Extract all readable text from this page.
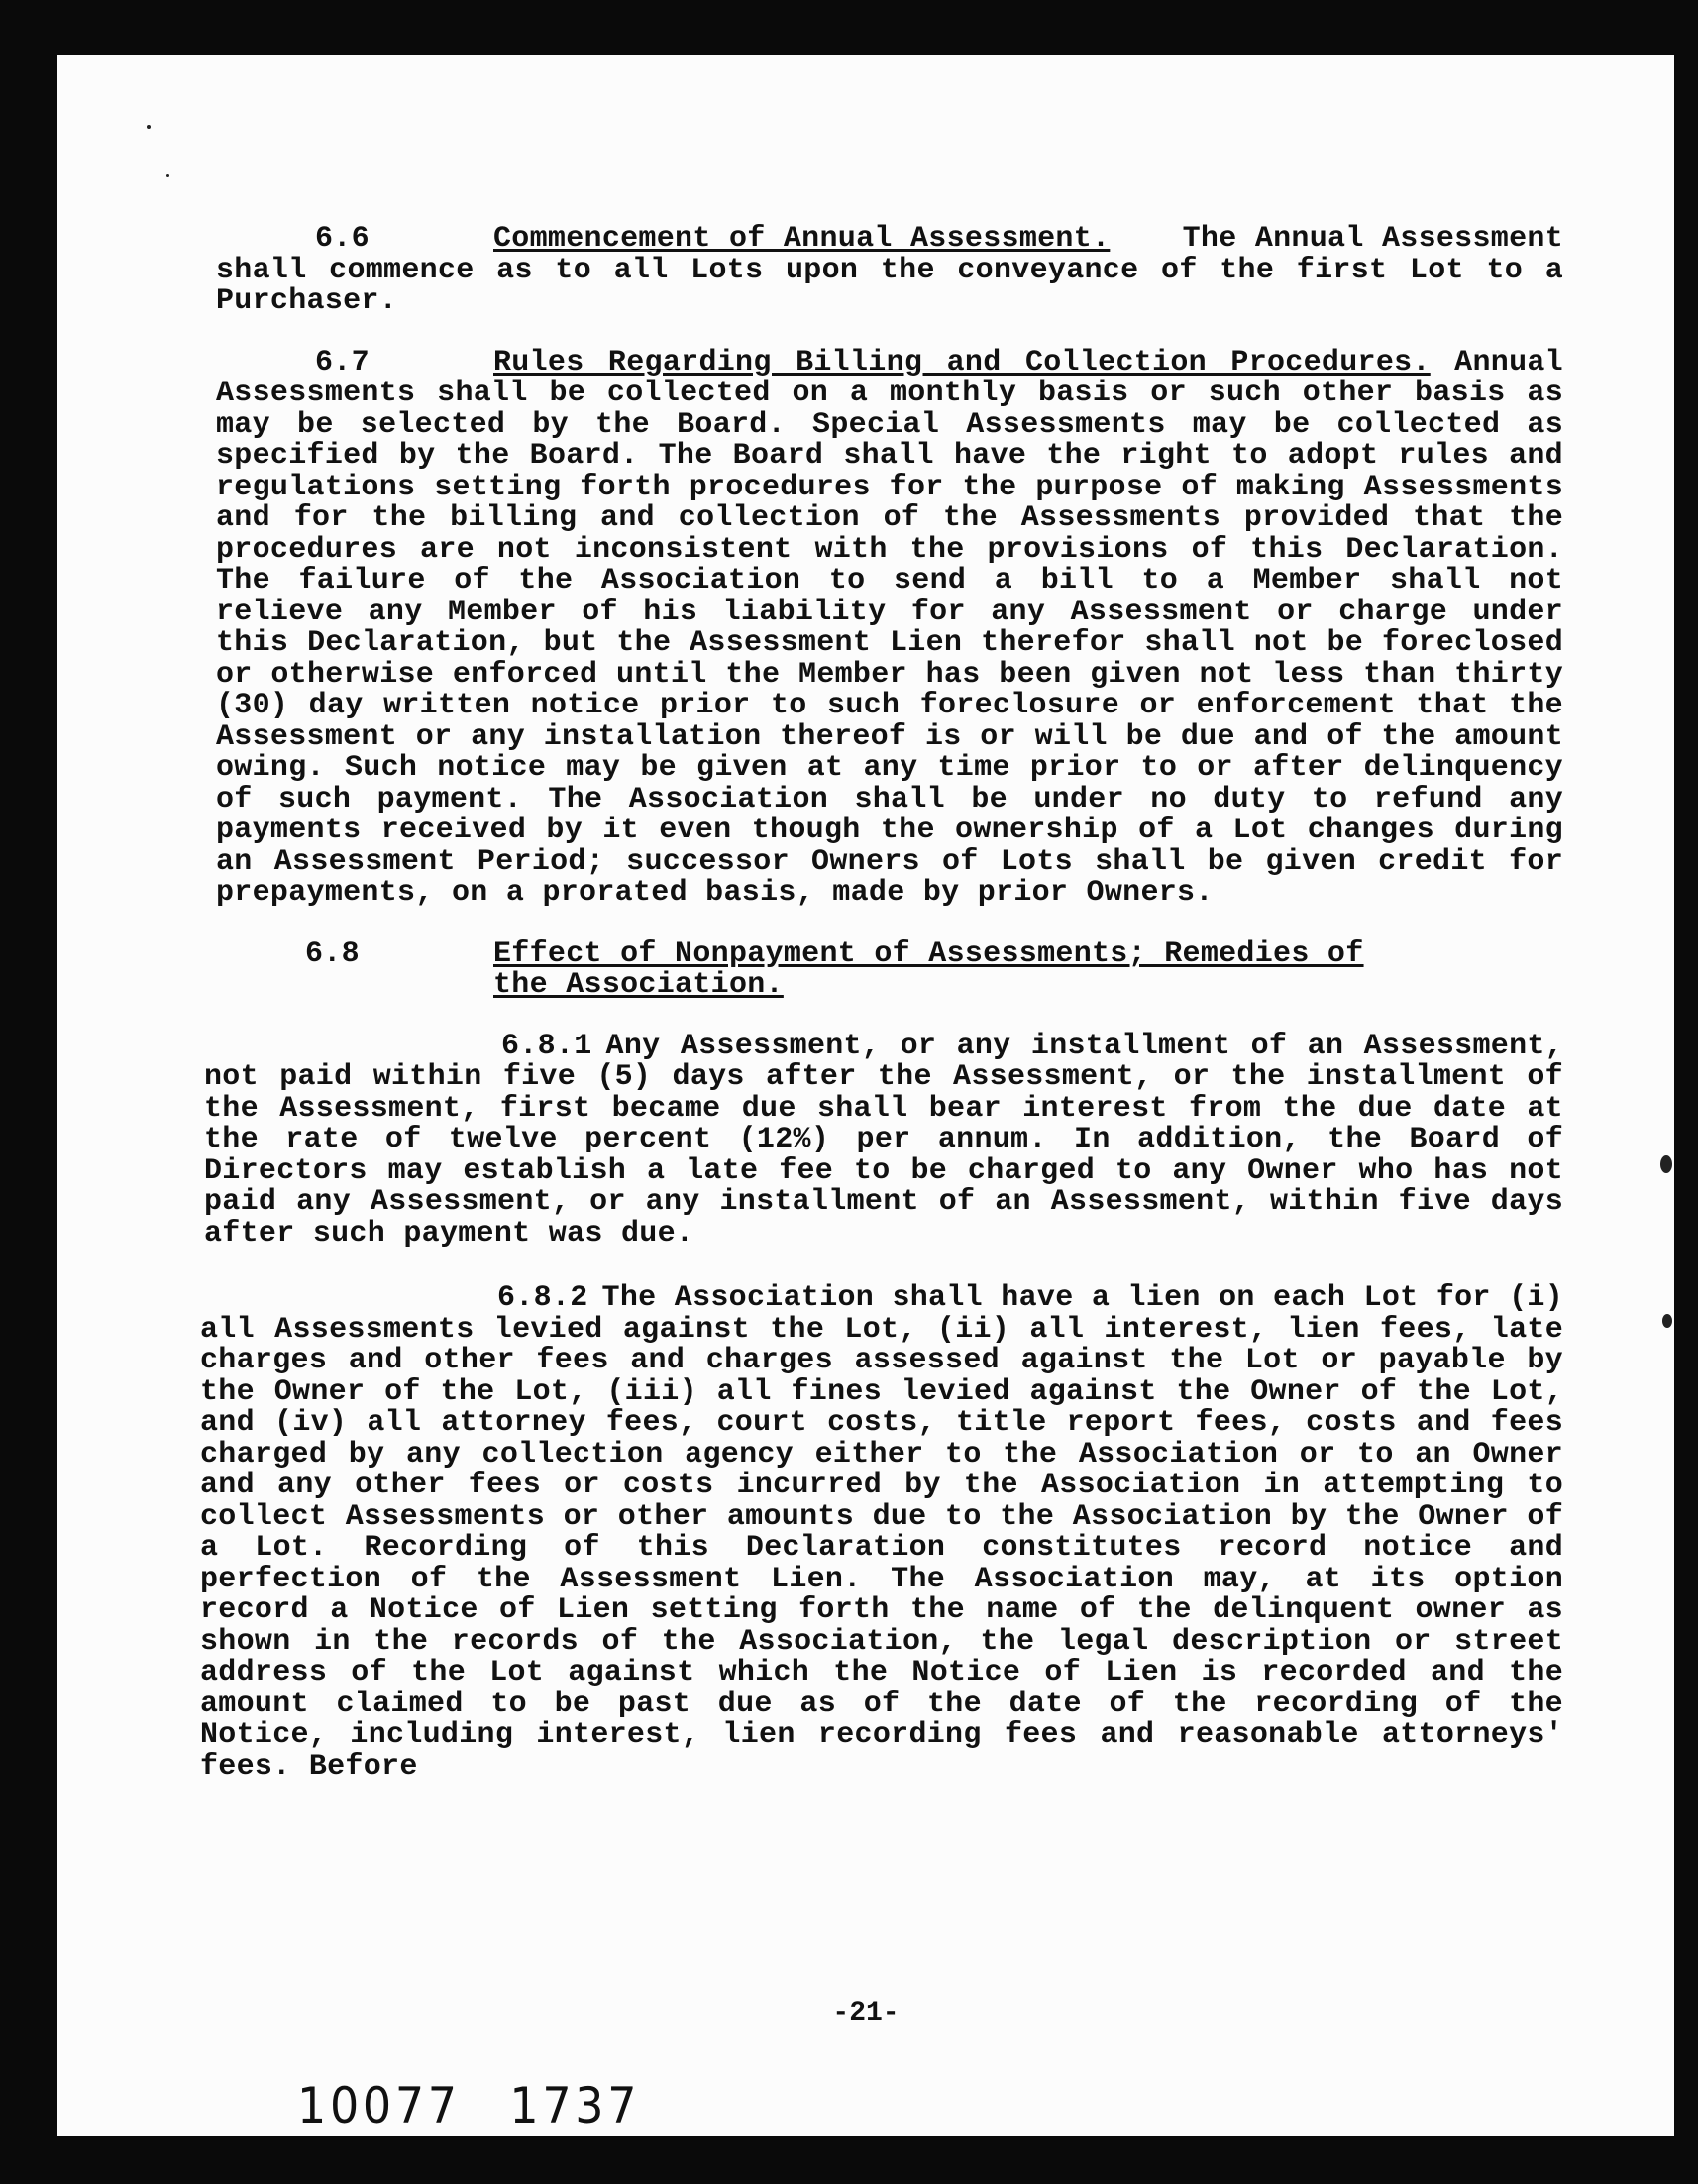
6.6	Commencement of Annual Assessment. The Annual Assessment shall commence as to all Lots upon the conveyance of the first Lot to a Purchaser.

6.7	Rules Regarding Billing and Collection Procedures. Annual Assessments shall be collected on a monthly basis or such other basis as may be selected by the Board. Special Assessments may be collected as specified by the Board. The Board shall have the right to adopt rules and regulations setting forth procedures for the purpose of making Assessments and for the billing and collection of the Assessments provided that the procedures are not inconsistent with the provisions of this Declaration. The failure of the Association to send a bill to a Member shall not relieve any Member of his liability for any Assessment or charge under this Declaration, but the Assessment Lien therefor shall not be foreclosed or otherwise enforced until the Member has been given not less than thirty (30) day written notice prior to such foreclosure or enforcement that the Assessment or any installation thereof is or will be due and of the amount owing. Such notice may be given at any time prior to or after delinquency of such payment. The Association shall be under no duty to refund any payments received by it even though the ownership of a Lot changes during an Assessment Period; successor Owners of Lots shall be given credit for prepayments, on a prorated basis, made by prior Owners.

6.8	Effect of Nonpayment of Assessments; Remedies of
the Association.

6.8.1 Any Assessment, or any installment of an Assessment, not paid within five (5) days after the Assessment, or the installment of the Assessment, first became due shall bear interest from the due date at the rate of twelve percent (12%) per annum. In addition, the Board of Directors may establish a late fee to be charged to any Owner who has not paid any Assessment, or any installment of an Assessment, within five days after such payment was due.

6.8.2 The Association shall have a lien on each Lot for (i) all Assessments levied against the Lot, (ii) all interest, lien fees, late charges and other fees and charges assessed against the Lot or payable by the Owner of the Lot, (iii) all fines levied against the Owner of the Lot, and (iv) all attorney fees, court costs, title report fees, costs and fees charged by any collection agency either to the Association or to an Owner and any other fees or costs incurred by the Association in attempting to collect Assessments or other amounts due to the Association by the Owner of a Lot. Recording of this Declaration constitutes record notice and perfection of the Assessment Lien. The Association may, at its option record a Notice of Lien setting forth the name of the delinquent owner as shown in the records of the Association, the legal description or street address of the Lot against which the Notice of Lien is recorded and the amount claimed to be past due as of the date of the recording of the Notice, including interest, lien recording fees and reasonable attorneys' fees. Before

-21-
10077 1737
